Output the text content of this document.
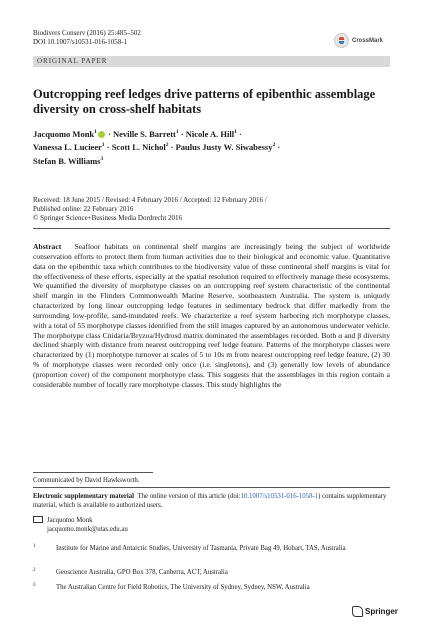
Biodivers Conserv (2016) 25:485–502
DOI 10.1007/s10531-016-1058-1	CrossMark
ORIGINAL PAPER
Outcropping reef ledges drive patterns of epibenthic assemblage diversity on cross-shelf habitats
Jacquomo Monk$^1$ · Neville S. Barrett$^1$ · Nicole A. Hill$^1$ ·
Vanessa L. Lucieer$^1$ · Scott L. Nichol$^2$ · Paulus Justy W. Siwabessy$^2$ ·
Stefan B. Williams$^3$
Received: 18 June 2015 / Revised: 4 February 2016 / Accepted: 12 February 2016 /
Published online: 22 February 2016
© Springer Science+Business Media Dordrecht 2016

Abstract Seafloor habitats on continental shelf margins are increasingly being the subject of worldwide conservation efforts to protect them from human activities due to their biological and economic value. Quantitative data on the epibenthic taxa which contributes to the biodiversity value of these continental shelf margins is vital for the effectiveness of these efforts, especially at the spatial resolution required to effectively manage these ecosystems. We quantified the diversity of morphotype classes on an outcropping reef system characteristic of the continental shelf margin in the Flinders Commonwealth Marine Reserve, southeastern Australia. The system is uniquely characterized by long linear outcropping ledge features in sedimentary bedrock that differ markedly from the surrounding low-profile, sand-inundated reefs. We characterize a reef system harboring rich morphotype classes, with a total of 55 morphotype classes identified from the still images captured by an autonomous underwater vehicle. The morphotype class Cnidaria/Bryzoa/Hydrosd matrix dominated the assemblages recorded. Both α and β diversity declined sharply with distance from nearest outcropping reef ledge feature. Patterns of the morphotype classes were characterized by (1) morphotype turnover at scales of 5 to 10s m from nearest outcropping reef ledge feature, (2) 30 % of morphotype classes were recorded only once (i.e. singletons), and (3) generally low levels of abundance (proportion cover) of the component morphotype class. This suggests that the assemblages in this region contain a considerable number of locally rare morphotype classes. This study highlights the

Communicated by David Hawksworth.
Electronic supplementary material The online version of this article (doi:10.1007/s10531-016-1058-1) contains supplementary material, which is available to authorized users.
Jacquomo Monk
jacquomo.monk@utas.edu.au
1	Institute for Marine and Antarctic Studies, University of Tasmania, Private Bag 49, Hobart, TAS, Australia
2	Geoscience Australia, GPO Box 378, Canberra, ACT, Australia
3	The Australian Centre for Field Robotics, The University of Sydney, Sydney, NSW, Australia
Springer
